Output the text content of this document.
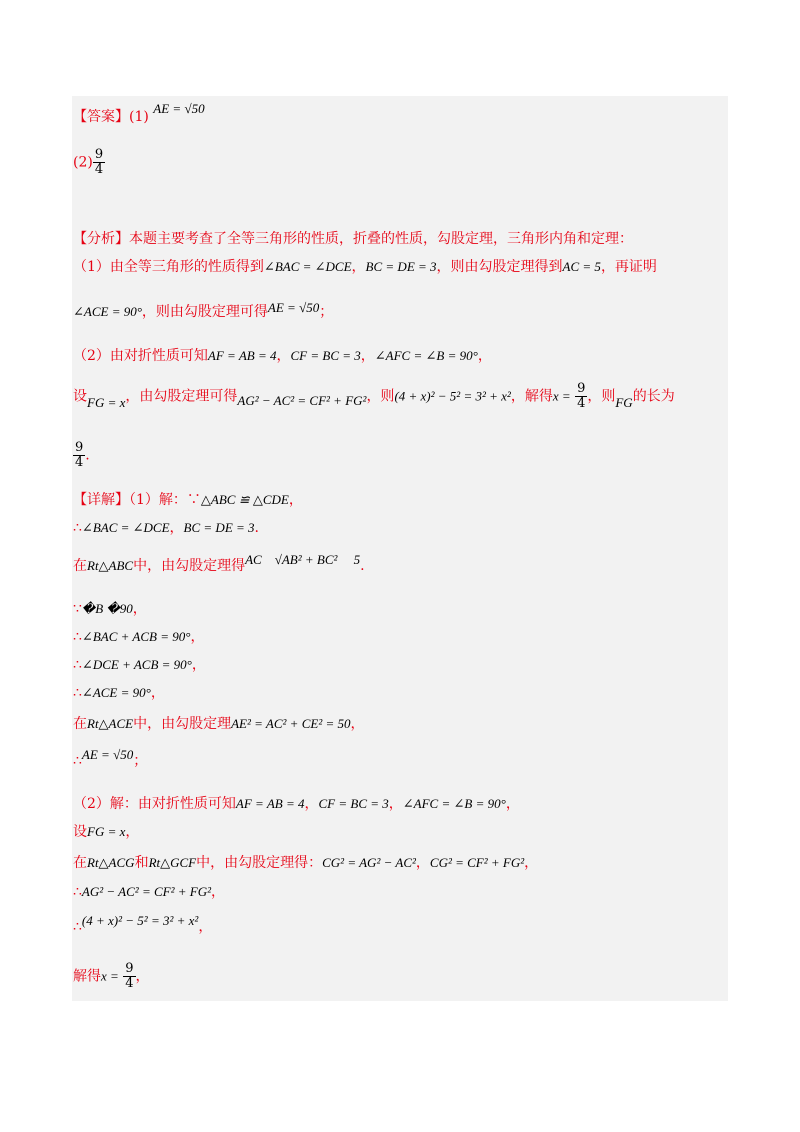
【答案】(1) AE = √50
$(2) \frac{9}{4}$
【分析】本题主要考查了全等三角形的性质，折叠的性质，勾股定理，三角形内角和定理：
（1）由全等三角形的性质得到∠BAC = ∠DCE，BC = DE = 3，则由勾股定理得到AC = 5，再证明
∠ACE = 90°，则由勾股定理可得AE = √50；
（2）由对折性质可知AF = AB = 4，CF = BC = 3，∠AFC = ∠B = 90°，
设FG = x，由勾股定理可得AG² − AC² = CF² + FG²，则(4 + x)² − 5² = 3² + x²，解得$x = \frac{9}{4}$ ，则FG的长为
$\frac{9}{4}$ .
【详解】（1）解：∵△ABC ≌ △CDE，
∴∠BAC = ∠DCE，BC = DE = 3.
在Rt△ABC中，由勾股定理得AC    √AB² + BC²     5.
∵�B �90，
∴∠BAC + ACB = 90°，
∴∠DCE + ACB = 90°，
∴∠ACE = 90°，
在Rt△ACE中，由勾股定理AE² = AC² + CE² = 50，
∴AE = √50；
（2）解：由对折性质可知AF = AB = 4，CF = BC = 3，∠AFC = ∠B = 90°，
设FG = x，
在Rt△ACG和Rt△GCF中，由勾股定理得：CG² = AG² − AC²，CG² = CF² + FG²，
∴AG² − AC² = CF² + FG²，
∴(4 + x)² − 5² = 3² + x²，
解得$x = \frac{9}{4}$ ，
